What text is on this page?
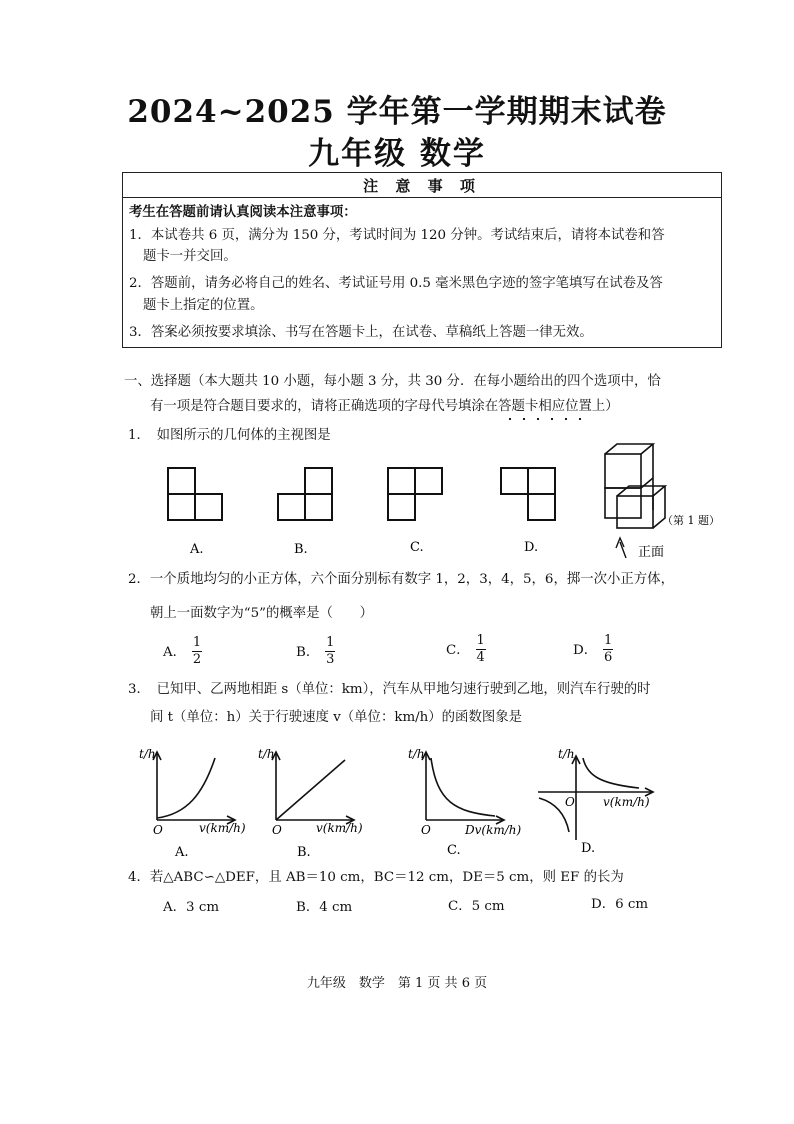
2024~2025 学年第一学期期末试卷
九年级 数学
注 意 事 项
考生在答题前请认真阅读本注意事项：
1．本试卷共 6 页，满分为 150 分，考试时间为 120 分钟。考试结束后，请将本试卷和答
题卡一并交回。
2．答题前，请务必将自己的姓名、考试证号用 0.5 毫米黑色字迹的签字笔填写在试卷及答
题卡上指定的位置。
3．答案必须按要求填涂、书写在答题卡上，在试卷、草稿纸上答题一律无效。
一、选择题（本大题共 10 小题，每小题 3 分，共 30 分．在每小题给出的四个选项中，恰
有一项是符合题目要求的，请将正确选项的字母代号填涂在答题卡相应位置上）
1．　如图所示的几何体的主视图是
正面
（第 1 题）
A.	B.	C.	D.
2．一个质地均匀的小正方体，六个面分别标有数字 1，2，3，4，5，6，掷一次小正方体，
朝上一面数字为“5”的概率是（　　）
A． $\frac{1}{2}$	B． $\frac{1}{3}$	C． $\frac{1}{4}$	D． $\frac{1}{6}$
3．　已知甲、乙两地相距 s（单位：km），汽车从甲地匀速行驶到乙地，则汽车行驶的时
间 t（单位：h）关于行驶速度 v（单位：km/h）的函数图象是
t/h
O	v(km/h)
t/h
O	v(km/h)
t/h
O	Dv(km/h)
t/h
O v(km/h)
A.	B.	C.	D.
4．若△ABC∽△DEF，且 AB＝10 cm，BC＝12 cm，DE＝5 cm，则 EF 的长为
A．3 cm	B．4 cm	C．5 cm	D．6 cm
九年级　数学　第 1 页 共 6 页
